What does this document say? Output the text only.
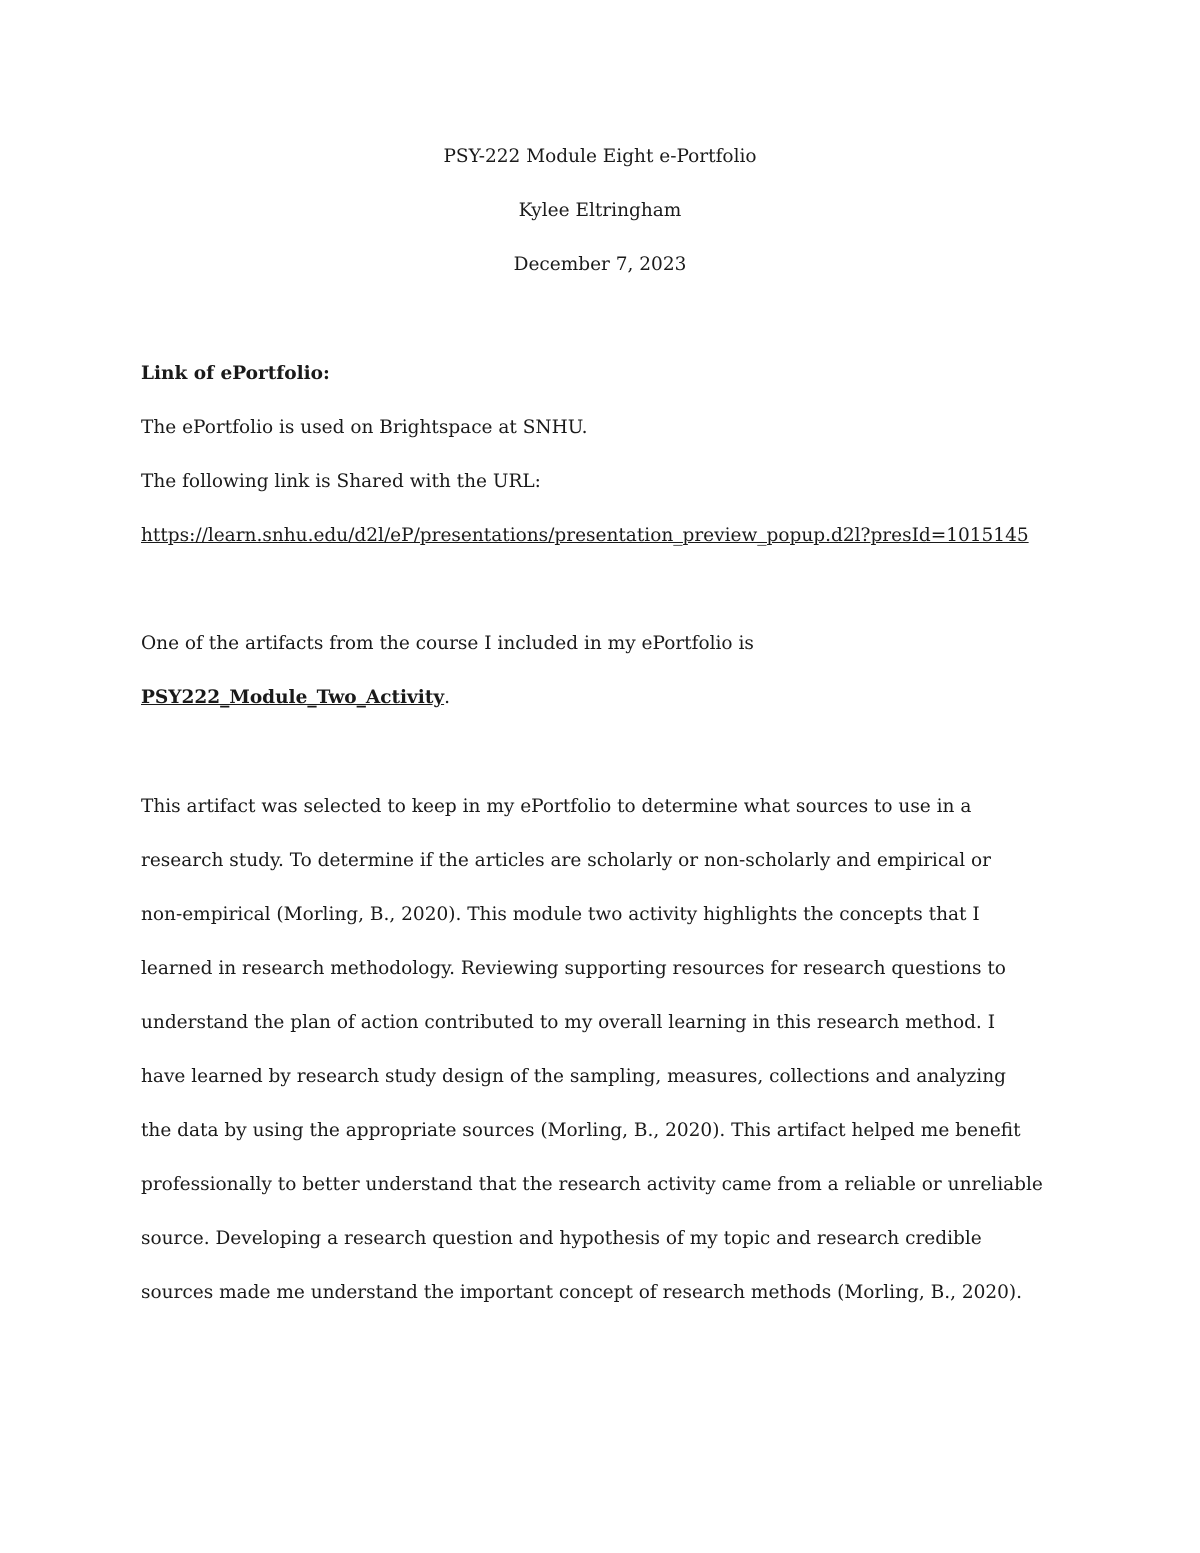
PSY-222 Module Eight e-Portfolio

Kylee Eltringham

December 7, 2023

Link of ePortfolio:

The ePortfolio is used on Brightspace at SNHU.

The following link is Shared with the URL:

https://learn.snhu.edu/d2l/eP/presentations/presentation_preview_popup.d2l?presId=1015145

One of the artifacts from the course I included in my ePortfolio is

PSY222_Module_Two_Activity.

This artifact was selected to keep in my ePortfolio to determine what sources to use in a

research study. To determine if the articles are scholarly or non-scholarly and empirical or

non-empirical (Morling, B., 2020). This module two activity highlights the concepts that I

learned in research methodology. Reviewing supporting resources for research questions to

understand the plan of action contributed to my overall learning in this research method. I

have learned by research study design of the sampling, measures, collections and analyzing

the data by using the appropriate sources (Morling, B., 2020). This artifact helped me benefit

professionally to better understand that the research activity came from a reliable or unreliable

source. Developing a research question and hypothesis of my topic and research credible

sources made me understand the important concept of research methods (Morling, B., 2020).
